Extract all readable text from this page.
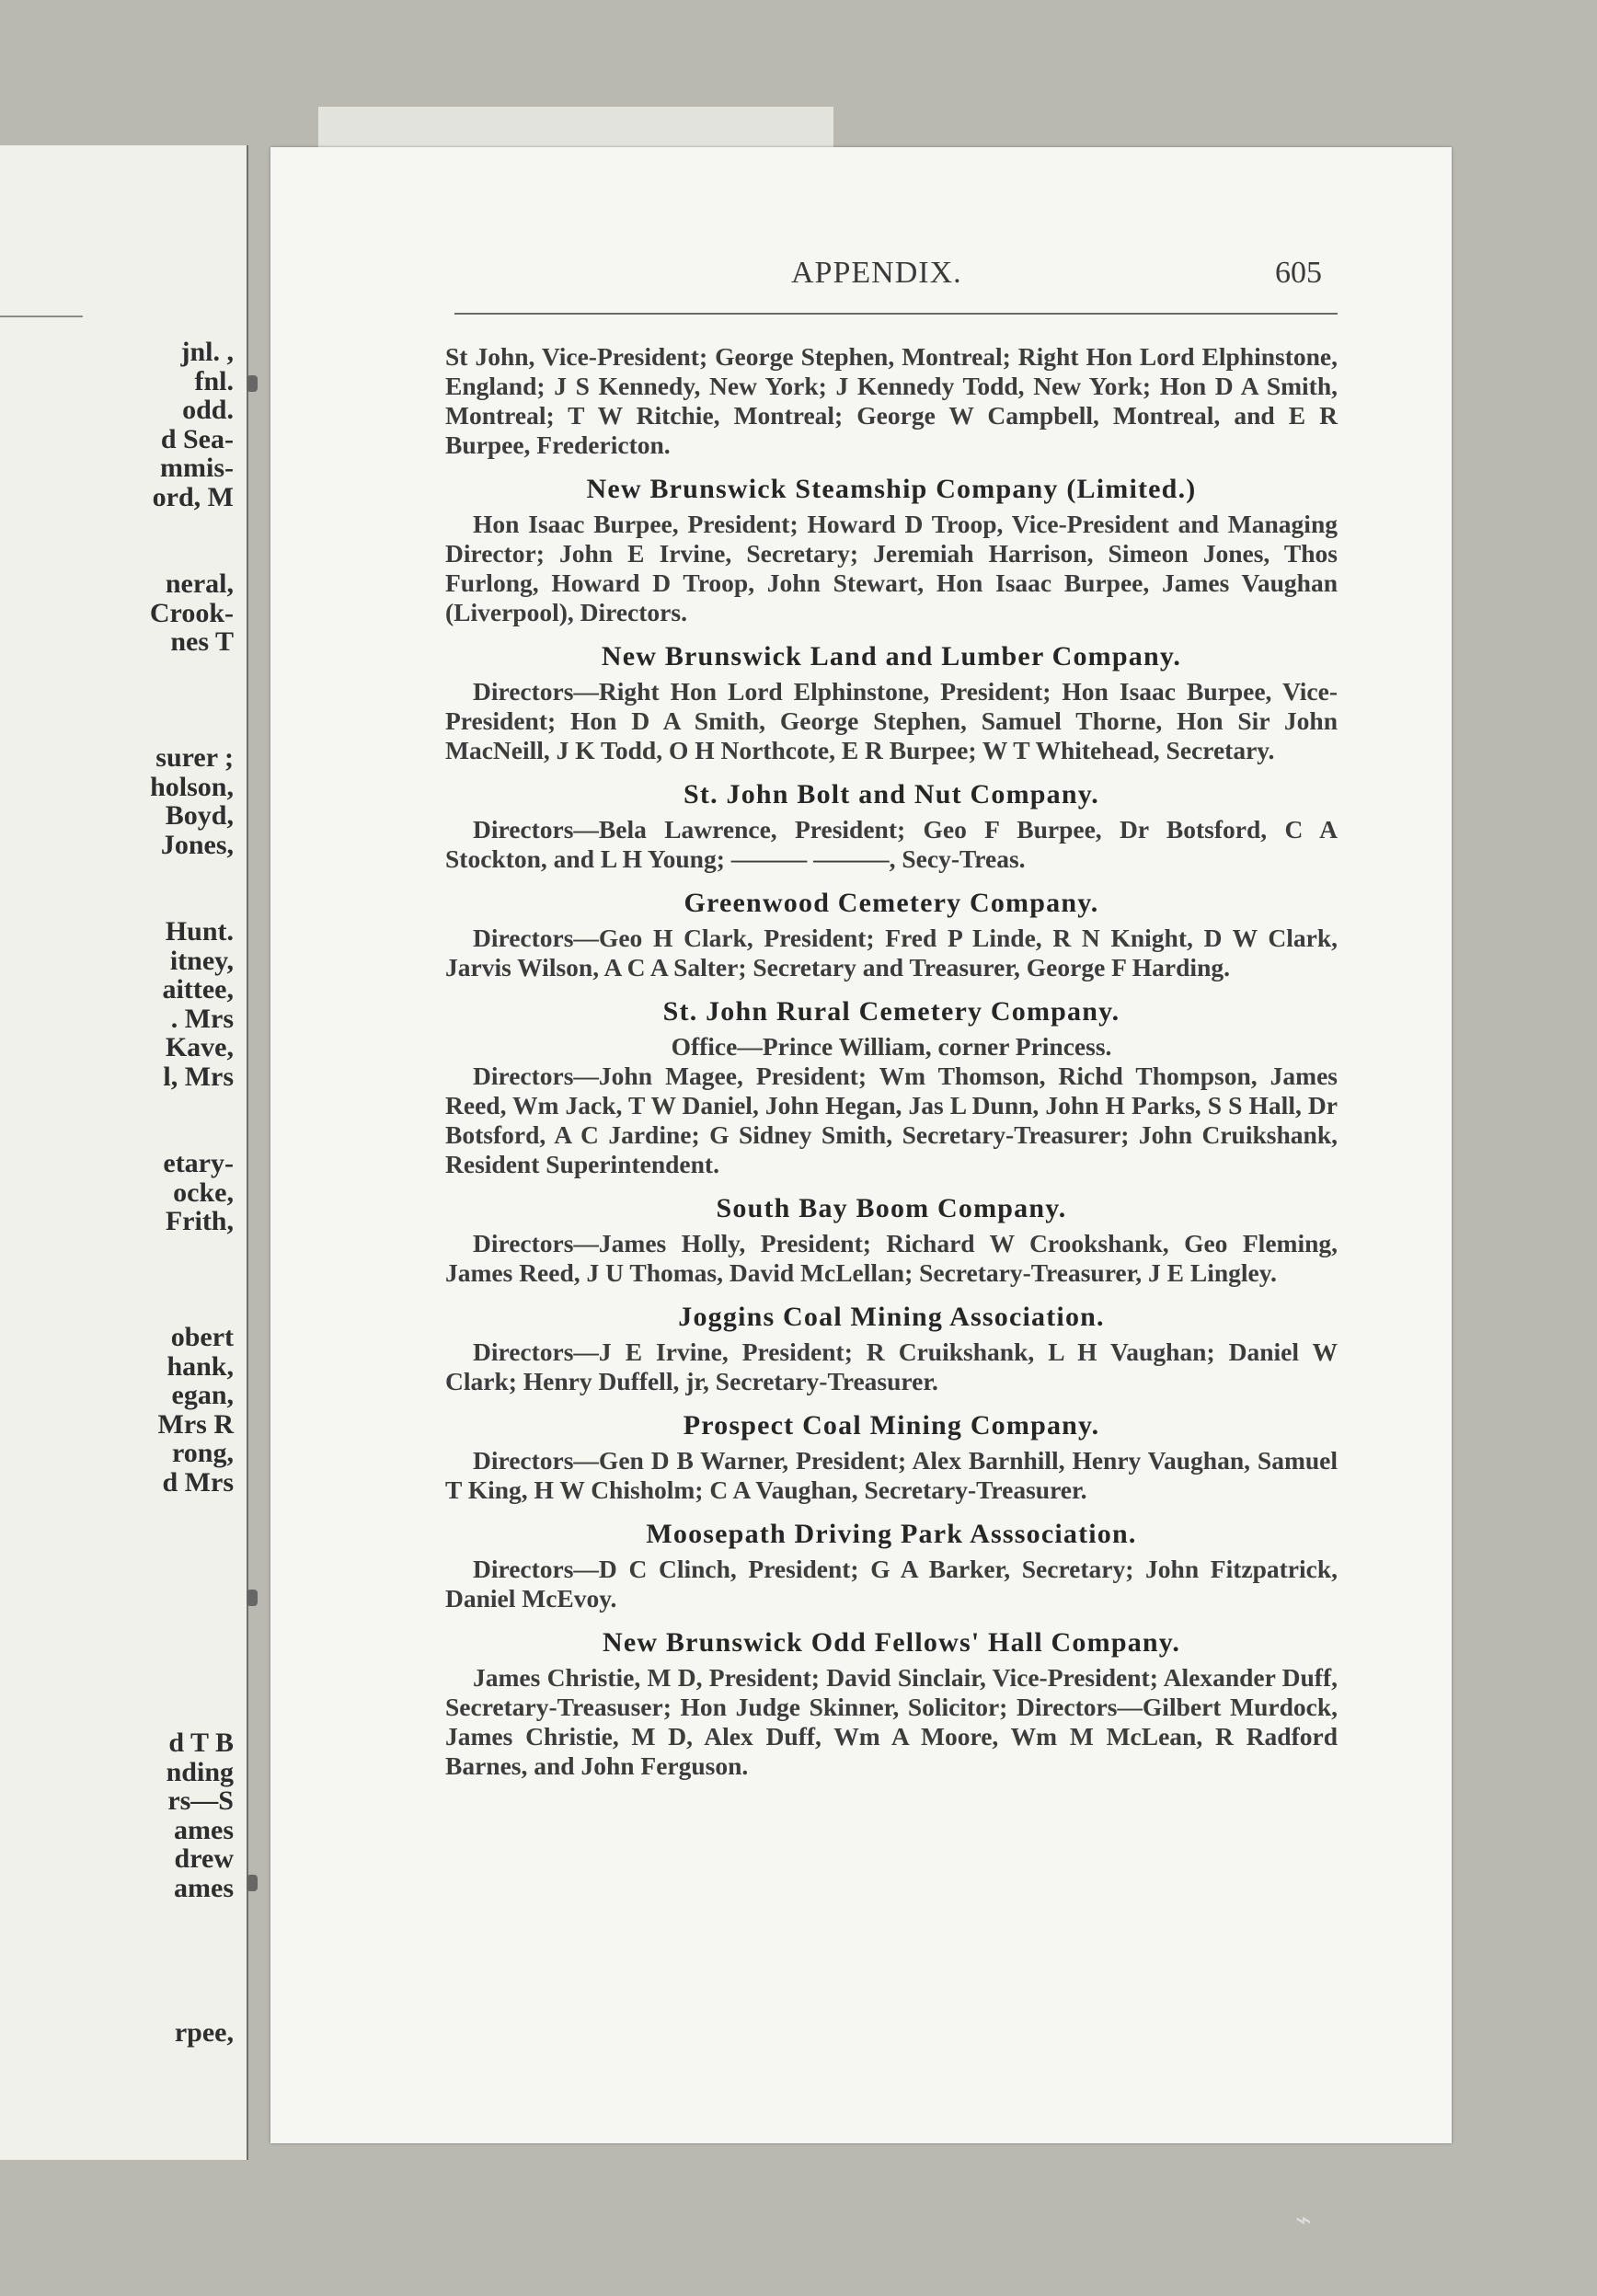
jnl. ,
fnl.
odd.
d Sea-
mmis-
ord, M
neral,
Crook-
nes T
surer ;
holson,
Boyd,
Jones,
Hunt.
itney,
aittee,
. Mrs
Kave,
l, Mrs
etary-
ocke,
Frith,
obert
hank,
egan,
Mrs R
rong,
d Mrs
d T B
nding
rs—S
ames
drew
ames
rpee,
APPENDIX.	605

St John, Vice-President; George Stephen, Montreal; Right Hon Lord Elphinstone, England; J S Kennedy, New York; J Kennedy Todd, New York; Hon D A Smith, Montreal; T W Ritchie, Montreal; George W Campbell, Montreal, and E R Burpee, Fredericton.

New Brunswick Steamship Company (Limited.)

Hon Isaac Burpee, President; Howard D Troop, Vice-President and Managing Director; John E Irvine, Secretary; Jeremiah Harrison, Simeon Jones, Thos Furlong, Howard D Troop, John Stewart, Hon Isaac Burpee, James Vaughan (Liverpool), Directors.

New Brunswick Land and Lumber Company.

Directors—Right Hon Lord Elphinstone, President; Hon Isaac Burpee, Vice-President; Hon D A Smith, George Stephen, Samuel Thorne, Hon Sir John MacNeill, J K Todd, O H Northcote, E R Burpee; W T Whitehead, Secretary.

St. John Bolt and Nut Company.

Directors—Bela Lawrence, President; Geo F Burpee, Dr Botsford, C A Stockton, and L H Young; ——— ———, Secy-Treas.

Greenwood Cemetery Company.

Directors—Geo H Clark, President; Fred P Linde, R N Knight, D W Clark, Jarvis Wilson, A C A Salter; Secretary and Treasurer, George F Harding.

St. John Rural Cemetery Company.

Office—Prince William, corner Princess.

Directors—John Magee, President; Wm Thomson, Richd Thompson, James Reed, Wm Jack, T W Daniel, John Hegan, Jas L Dunn, John H Parks, S S Hall, Dr Botsford, A C Jardine; G Sidney Smith, Secretary-Treasurer; John Cruikshank, Resident Superintendent.

South Bay Boom Company.

Directors—James Holly, President; Richard W Crookshank, Geo Fleming, James Reed, J U Thomas, David McLellan; Secretary-Treasurer, J E Lingley.

Joggins Coal Mining Association.

Directors—J E Irvine, President; R Cruikshank, L H Vaughan; Daniel W Clark; Henry Duffell, jr, Secretary-Treasurer.

Prospect Coal Mining Company.

Directors—Gen D B Warner, President; Alex Barnhill, Henry Vaughan, Samuel T King, H W Chisholm; C A Vaughan, Secretary-Treasurer.

Moosepath Driving Park Asssociation.

Directors—D C Clinch, President; G A Barker, Secretary; John Fitzpatrick, Daniel McEvoy.

New Brunswick Odd Fellows' Hall Company.

James Christie, M D, President; David Sinclair, Vice-President; Alexander Duff, Secretary-Treasuser; Hon Judge Skinner, Solicitor; Directors—Gilbert Murdock, James Christie, M D, Alex Duff, Wm A Moore, Wm M McLean, R Radford Barnes, and John Ferguson.

⌁
